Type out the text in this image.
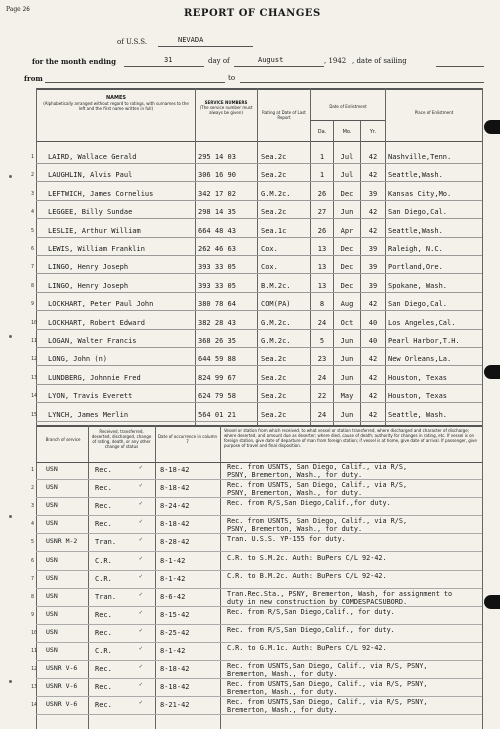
Page 26	REPORT OF CHANGES
of U.S.S.	NEVADA
for the month ending	31	day of	August	, 1942 , date of sailing
from	to
NAMES
(Alphabetically arranged without regard to ratings, with surnames to the left and the first name written in full)
SERVICE NUMBERS
(The service number must always be given)	Rating at Date of Last Report
Date of Enlistment
Da.	Mo.	Yr.
Place of Enlistment
1 LAIRD, Wallace Gerald	295 14 03	Sea.2c	1	Jul	42	Nashville,Tenn.
2 LAUGHLIN, Alvis Paul	306 16 90	Sea.2c	1	Jul	42	Seattle,Wash.
3 LEFTWICH, James Cornelius	342 17 02	G.M.2c.	26	Dec	39	Kansas City,Mo.
4 LEGGEE, Billy Sundae	298 14 35	Sea.2c	27	Jun	42	San Diego,Cal.
5 LESLIE, Arthur William	664 48 43	Sea.1c	26	Apr	42	Seattle,Wash.
6 LEWIS, William Franklin	262 46 63	Cox.	13	Dec	39	Raleigh, N.C.
7 LINGO, Henry Joseph	393 33 05	Cox.	13	Dec	39	Portland,Ore.
8 LINGO, Henry Joseph	393 33 05	B.M.2c.	13	Dec	39	Spokane, Wash.
9 LOCKHART, Peter Paul John	380 78 64	COM(PA)	8	Aug	42	San Diego,Cal.
10 LOCKHART, Robert Edward	382 28 43	G.M.2c.	24	Oct	40	Los Angeles,Cal.
11 LOGAN, Walter Francis	368 26 35	G.M.2c.	5	Jun	40	Pearl Harbor,T.H.
12 LONG, John (n)	644 59 88	Sea.2c	23	Jun	42	New Orleans,La.
13 LUNDBERG, Johnnie Fred	824 99 67	Sea.2c	24	Jun	42	Houston, Texas
14 LYON, Travis Everett	624 79 58	Sea.2c	22	May	42	Houston, Texas
15 LYNCH, James Merlin	564 01 21	Sea.2c	24	Jun	42	Seattle, Wash.
Branch of service
Received, transferred, deserted, discharged, change of rating, death, or any other change of status
Date of occurrence in column 7
Vessel or station from which received, to what vessel or station transferred, where discharged and character of discharge; where deserted, and amount due as deserter; where died, cause of death; authority for changes in rating, etc. If vessel is on foreign station, give date of departure of man from foreign station; if vessel is at home, give date of arrival. If passenger, give purpose of travel and final disposition.
1 USN	Rec.	✓ 8-18-42	Rec. from USNTS, San Diego, Calif., via R/S,
PSNY, Bremerton, Wash., for duty.
2 USN	Rec.	✓ 8-18-42	Rec. from USNTS, San Diego, Calif., via R/S,
PSNY, Bremerton, Wash., for duty.
3 USN	Rec.	✓ 8-24-42	Rec. from R/S,San Diego,Calif.,for duty.
4 USN	Rec.	✓ 8-18-42	Rec. from USNTS, San Diego, Calif., via R/S,
PSNY, Bremerton, Wash., for duty.
5 USNR M-2	Tran.	✓ 8-28-42	Tran. U.S.S. YP-155 for duty.
6 USN	C.R.	✓ 8-1-42	C.R. to S.M.2c. Auth: BuPers C/L 92-42.
7 USN	C.R.	✓ 8-1-42	C.R. to B.M.2c. Auth: BuPers C/L 92-42.
8 USN	Tran.	✓ 8-6-42	Tran.Rec.Sta., PSNY, Bremerton, Wash, for assignment to
duty in new construction by COMDESPACSUBORD.
9 USN	Rec.	✓ 8-15-42	Rec. from R/S,San Diego,Calif., for duty.
10 USN	Rec.	✓ 8-25-42	Rec. from R/S,San Diego,Calif., for duty.
11 USN	C.R.	✓ 8-1-42	C.R. to G.M.1c. Auth: BuPers C/L 92-42.
12 USNR V-6	Rec.	✓ 8-18-42	Rec. from USNTS,San Diego, Calif., via R/S, PSNY,
Bremerton, Wash., for duty.
13 USNR V-6	Rec.	✓ 8-18-42	Rec. from USNTS,San Diego, Calif., via R/S, PSNY,
Bremerton, Wash., for duty.
14 USNR V-6	Rec.	✓ 8-21-42	Rec. from USNTS,San Diego, Calif., via R/S, PSNY,
Bremerton, Wash., for duty.
